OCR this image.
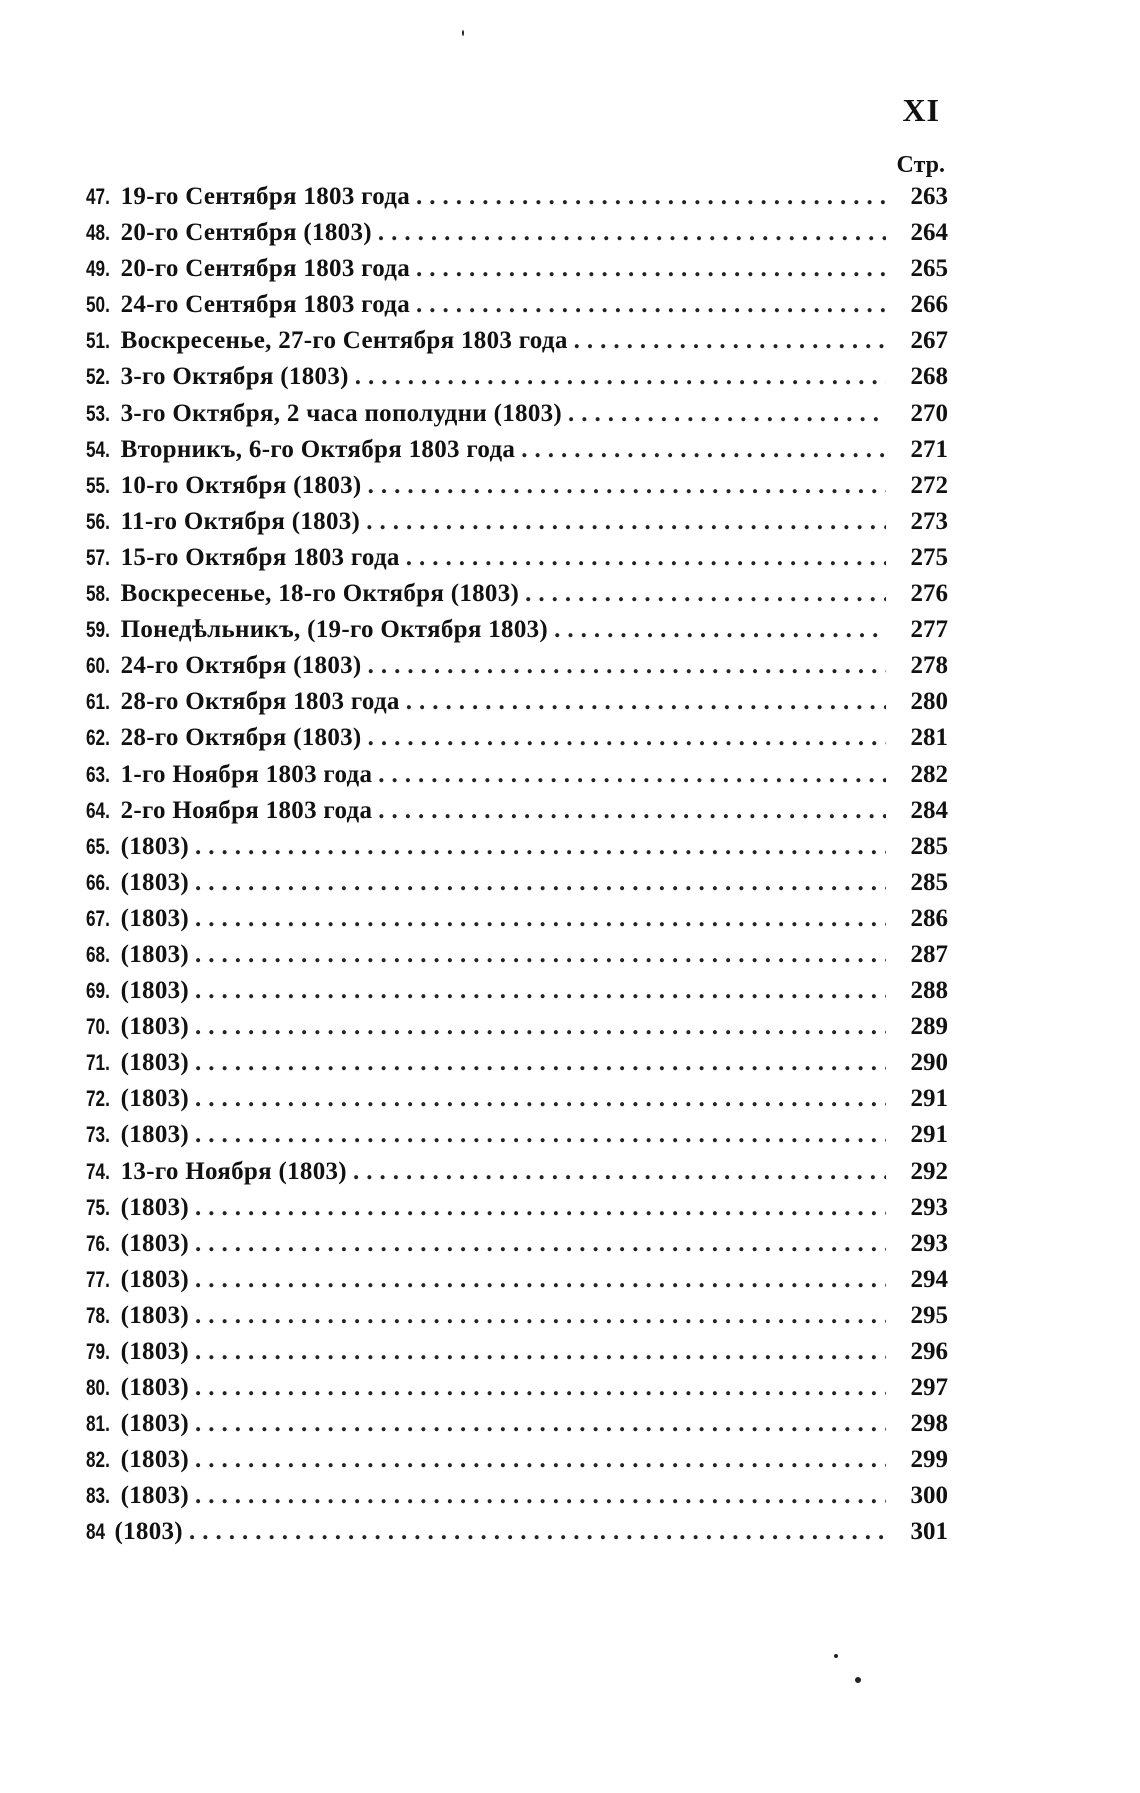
XI
Стр.
47. 19-го Сентября 1803 года .....	263
48. 20-го Сентября (1803) .....	264
49. 20-го Сентября 1803 года .....	265
50. 24-го Сентября 1803 года .....	266
51. Воскресенье, 27-го Сентября 1803 года .....	267
52. 3-го Октября (1803) .....	268
53. 3-го Октября, 2 часа пополудни (1803) .....	270
54. Вторникъ, 6-го Октября 1803 года .....	271
55. 10-го Октября (1803) .....	272
56. 11-го Октября (1803) .....	273
57. 15-го Октября 1803 года .....	275
58. Воскресенье, 18-го Октября (1803) .....	276
59. Понедѣльникъ, (19-го Октября 1803) .....	277
60. 24-го Октября (1803) .....	278
61. 28-го Октября 1803 года .....	280
62. 28-го Октября (1803) .....	281
63. 1-го Ноября 1803 года .....	282
64. 2-го Ноября 1803 года .....	284
65. (1803) .....	285
66. (1803) .....	285
67. (1803) .....	286
68. (1803) .....	287
69. (1803) .....	288
70. (1803) .....	289
71. (1803) .....	290
72. (1803) .....	291
73. (1803) .....	291
74. 13-го Ноября (1803) .....	292
75. (1803) .....	293
76. (1803) .....	293
77. (1803) .....	294
78. (1803) .....	295
79. (1803) .....	296
80. (1803) .....	297
81. (1803) .....	298
82. (1803) .....	299
83. (1803) .....	300
84 (1803) .....	301
